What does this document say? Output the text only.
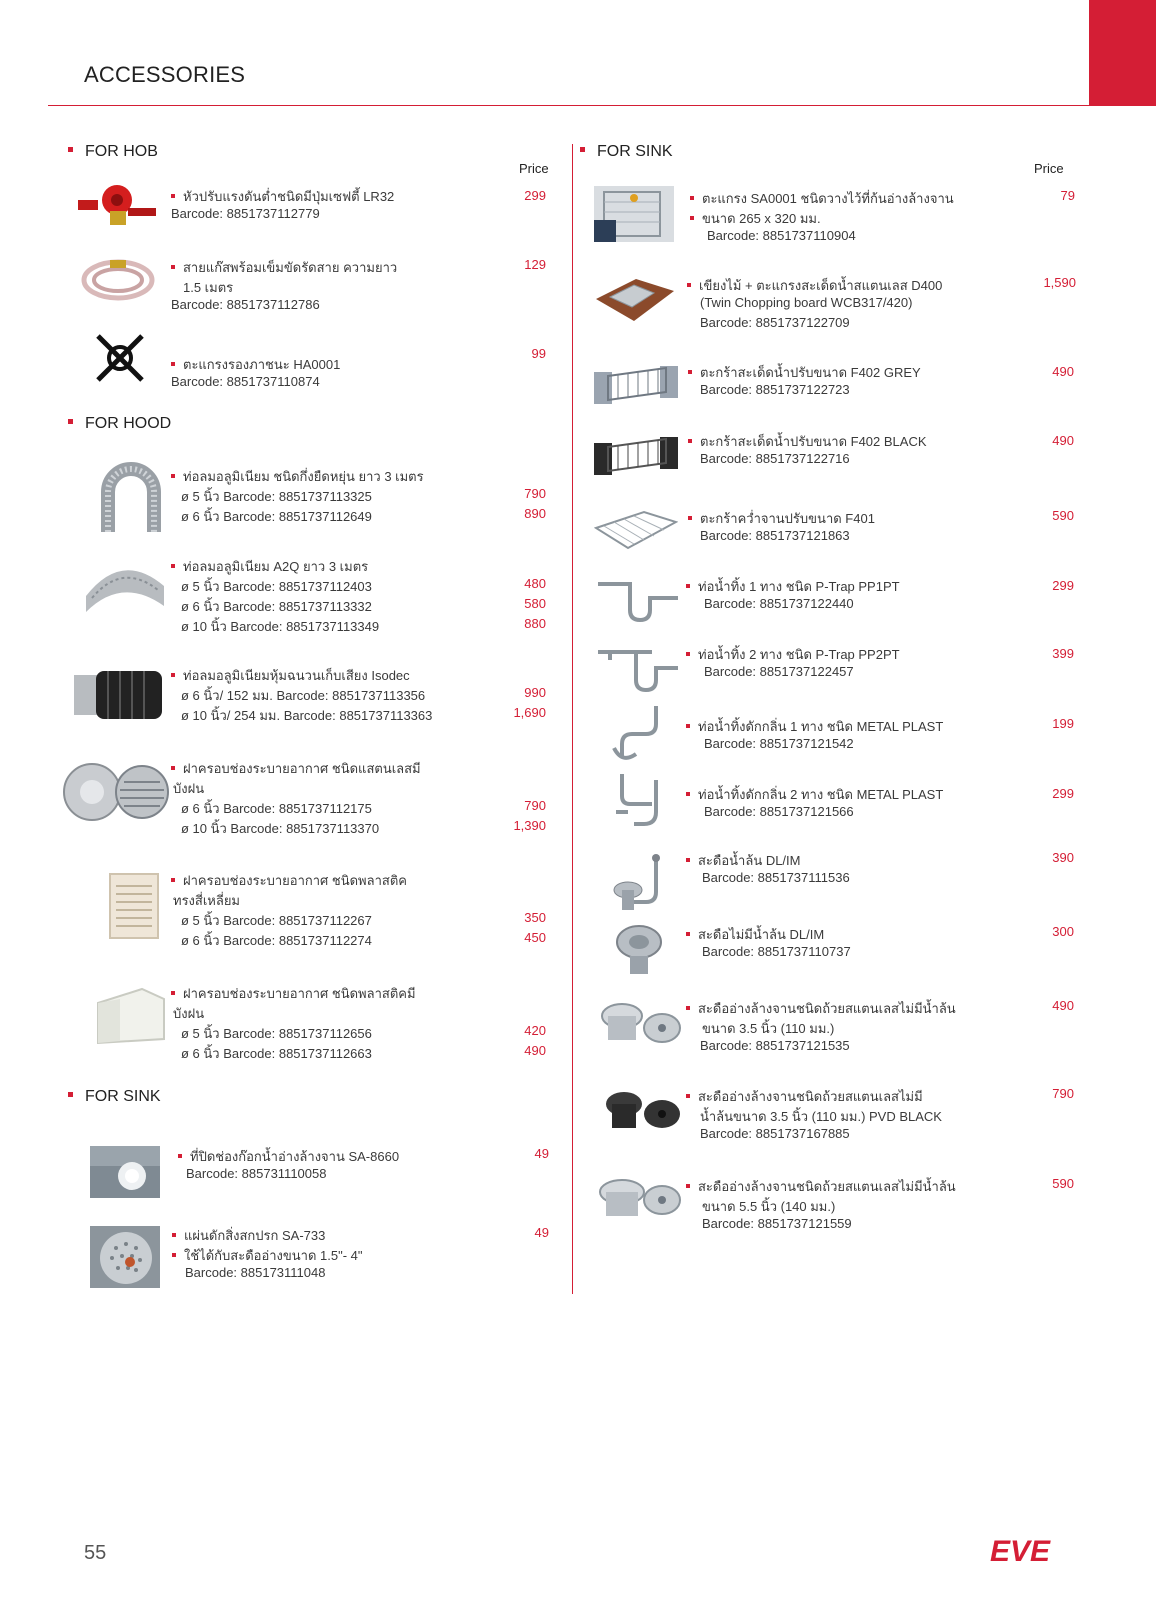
ACCESSORIES
FOR HOB
Price
หัวปรับแรงดันต่ำชนิดมีปุ่มเซฟตี้ LR32
Barcode: 8851737112779
299
สายแก๊สพร้อมเข็มขัดรัดสาย ความยาว
1.5 เมตร
Barcode: 8851737112786
129
ตะแกรงรองภาชนะ HA0001
Barcode: 8851737110874
99
FOR HOOD
ท่อลมอลูมิเนียม ชนิดกึ่งยืดหยุ่น ยาว 3 เมตร
ø 5 นิ้ว Barcode: 8851737113325
ø 6 นิ้ว Barcode: 8851737112649
790
890
ท่อลมอลูมิเนียม A2Q ยาว 3 เมตร
ø 5 นิ้ว Barcode: 8851737112403
ø 6 นิ้ว Barcode: 8851737113332
ø 10 นิ้ว Barcode: 8851737113349
480
580
880
ท่อลมอลูมิเนียมหุ้มฉนวนเก็บเสียง Isodec
ø 6 นิ้ว/ 152 มม. Barcode: 8851737113356
ø 10 นิ้ว/ 254 มม. Barcode: 8851737113363
990
1,690
ฝาครอบช่องระบายอากาศ ชนิดแสตนเลสมี
บังฝน
ø 6 นิ้ว Barcode: 8851737112175
ø 10 นิ้ว Barcode: 8851737113370
790
1,390
ฝาครอบช่องระบายอากาศ ชนิดพลาสติค
ทรงสี่เหลี่ยม
ø 5 นิ้ว Barcode: 8851737112267
ø 6 นิ้ว Barcode: 8851737112274
350
450
ฝาครอบช่องระบายอากาศ ชนิดพลาสติคมี
บังฝน
ø 5 นิ้ว Barcode: 8851737112656
ø 6 นิ้ว Barcode: 8851737112663
420
490
FOR SINK
ที่ปิดช่องก๊อกน้ำอ่างล้างจาน SA-8660
Barcode: 885731110058
49
แผ่นดักสิ่งสกปรก SA-733
ใช้ได้กับสะดืออ่างขนาด 1.5"- 4"
Barcode: 885173111048
49
FOR SINK
Price
ตะแกรง SA0001 ชนิดวางไว้ที่ก้นอ่างล้างจาน
ขนาด 265 x 320 มม.
Barcode: 8851737110904
79
เขียงไม้ + ตะแกรงสะเด็ดน้ำสแตนเลส D400
(Twin Chopping board WCB317/420)
Barcode: 8851737122709
1,590
ตะกร้าสะเด็ดน้ำปรับขนาด F402 GREY
Barcode: 8851737122723
490
ตะกร้าสะเด็ดน้ำปรับขนาด F402 BLACK
Barcode: 8851737122716
490
ตะกร้าคว่ำจานปรับขนาด F401
Barcode: 8851737121863
590
ท่อน้ำทิ้ง 1 ทาง ชนิด P-Trap PP1PT
Barcode: 8851737122440
299
ท่อน้ำทิ้ง 2 ทาง ชนิด P-Trap PP2PT
Barcode: 8851737122457
399
ท่อน้ำทิ้งดักกลิ่น 1 ทาง ชนิด METAL PLAST
Barcode: 8851737121542
199
ท่อน้ำทิ้งดักกลิ่น 2 ทาง ชนิด METAL PLAST
Barcode: 8851737121566
299
สะดือน้ำล้น DL/IM
Barcode: 8851737111536
390
สะดือไม่มีน้ำล้น DL/IM
Barcode: 8851737110737
300
สะดืออ่างล้างจานชนิดถ้วยสแตนเลสไม่มีน้ำล้น
ขนาด 3.5 นิ้ว (110 มม.)
Barcode: 8851737121535
490
สะดืออ่างล้างจานชนิดถ้วยสแตนเลสไม่มี
น้ำล้นขนาด 3.5 นิ้ว (110 มม.) PVD BLACK
Barcode: 8851737167885
790
สะดืออ่างล้างจานชนิดถ้วยสแตนเลสไม่มีน้ำล้น
ขนาด 5.5 นิ้ว (140 มม.)
Barcode: 8851737121559
590
55	EVE
